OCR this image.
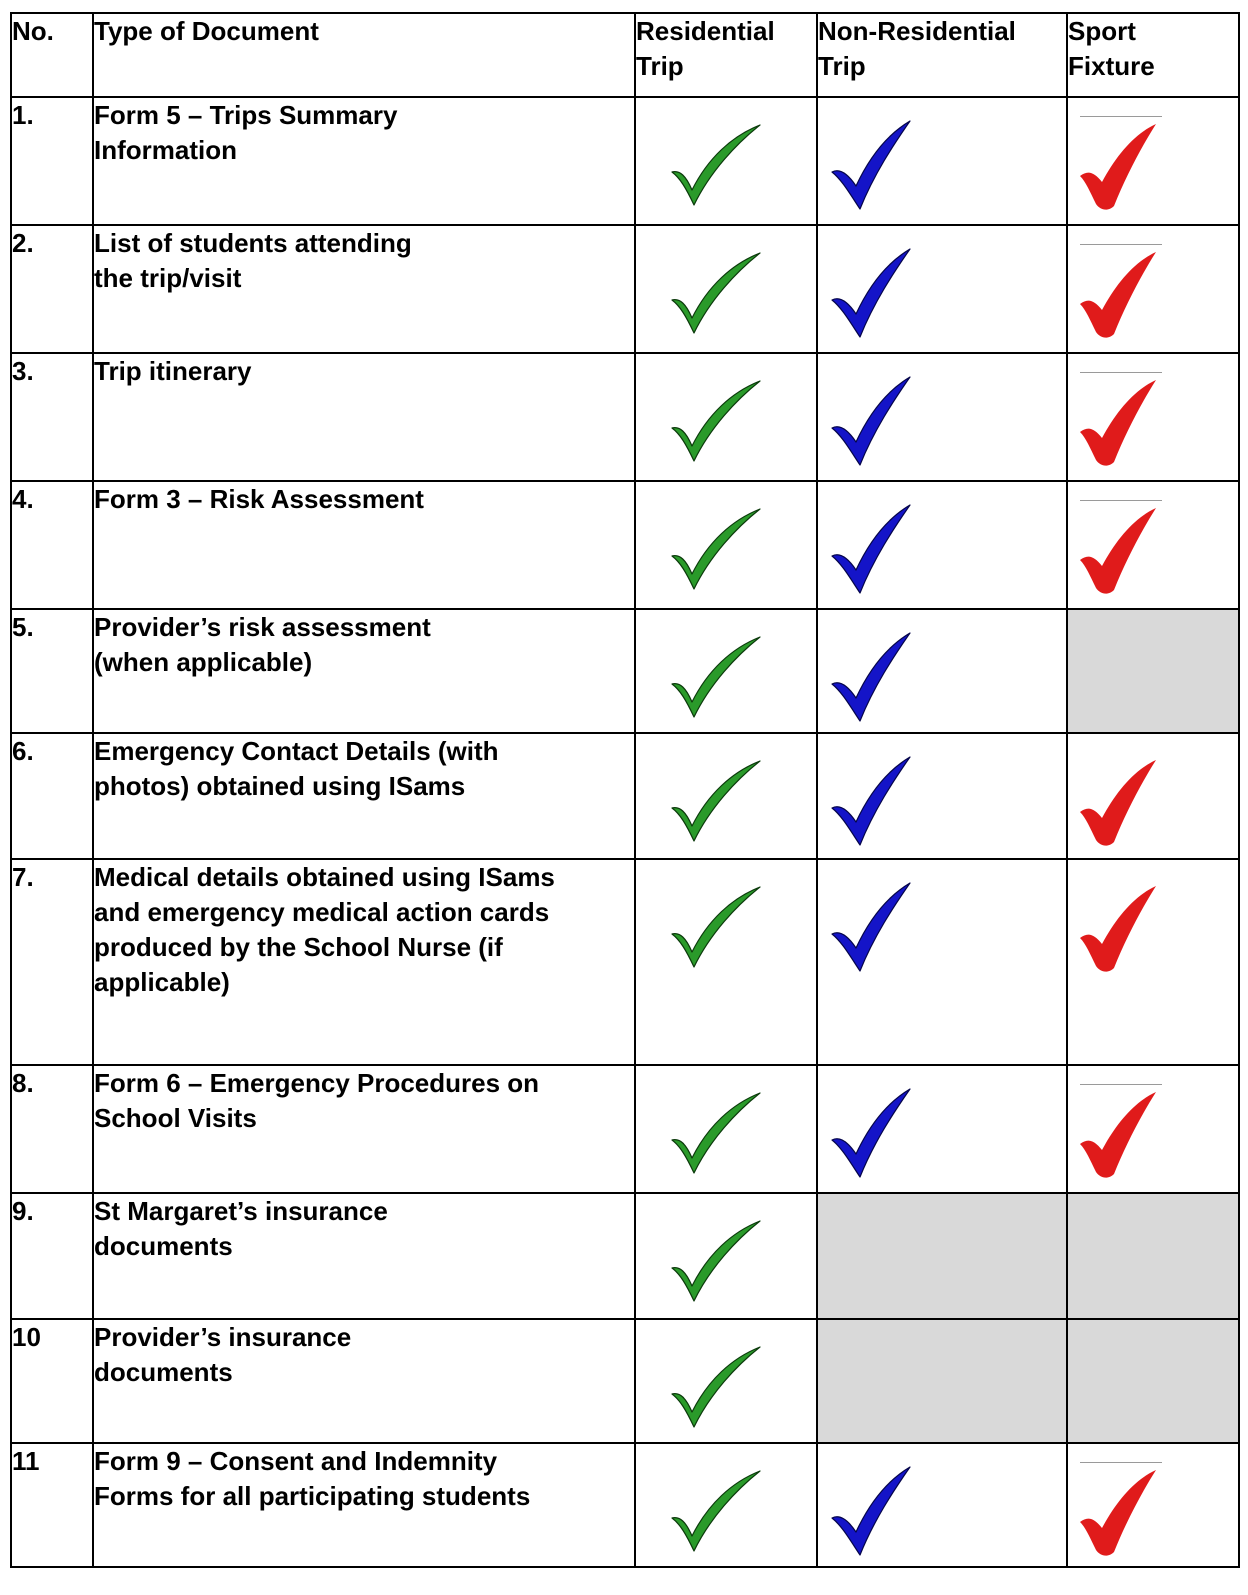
No.	Type of Document	Residential Trip	Non-Residential Trip	Sport Fixture

1.	Form 5 – Trips Summary
Information

2.	List of students attending
the trip/visit

3.	Trip itinerary

4.	Form 3 – Risk Assessment

5.	Provider’s risk assessment
(when applicable)

6.	Emergency Contact Details (with
photos) obtained using ISams

7.	Medical details obtained using ISams
and emergency medical action cards
produced by the School Nurse (if
applicable)

8.	Form 6 – Emergency Procedures on
School Visits

9.	St Margaret’s insurance
documents

10	Provider’s insurance
documents

11	Form 9 – Consent and Indemnity
Forms for all participating students
